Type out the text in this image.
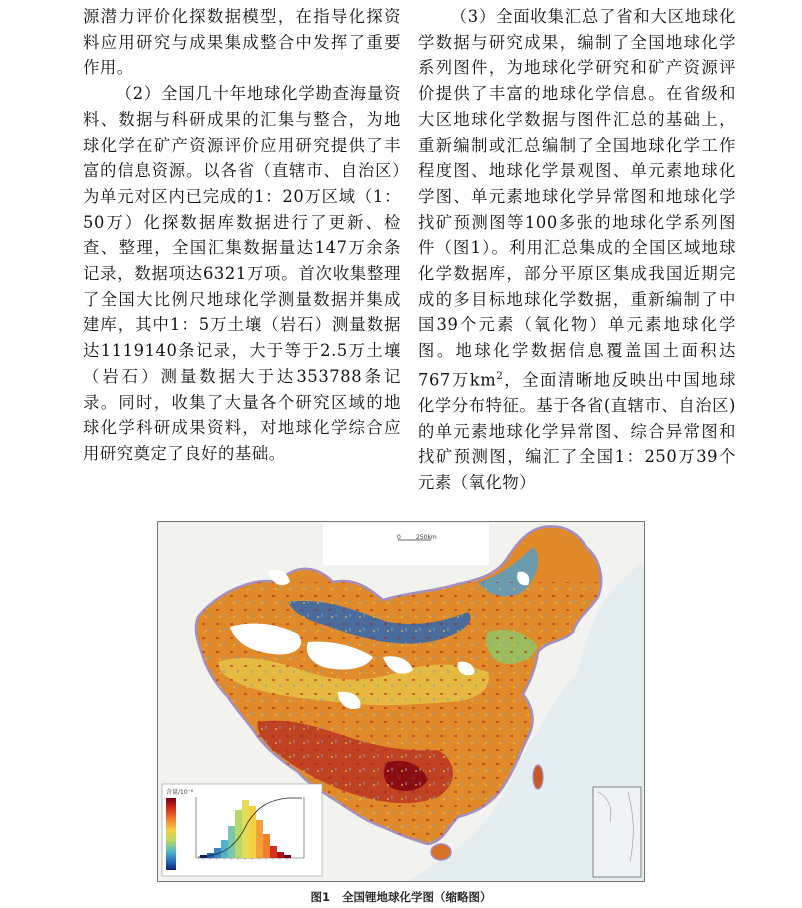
源潜力评价化探数据模型，在指导化探资料应用研究与成果集成整合中发挥了重要作用。

（2）全国几十年地球化学勘查海量资料、数据与科研成果的汇集与整合，为地球化学在矿产资源评价应用研究提供了丰富的信息资源。以各省（直辖市、自治区）为单元对区内已完成的1：20万区域（1：50万）化探数据库数据进行了更新、检查、整理，全国汇集数据量达147万余条记录，数据项达6321万项。首次收集整理了全国大比例尺地球化学测量数据并集成建库，其中1：5万土壤（岩石）测量数据达1119140条记录，大于等于2.5万土壤（岩石）测量数据大于达353788条记录。同时，收集了大量各个研究区域的地球化学科研成果资料，对地球化学综合应用研究奠定了良好的基础。

（3）全面收集汇总了省和大区地球化学数据与研究成果，编制了全国地球化学系列图件，为地球化学研究和矿产资源评价提供了丰富的地球化学信息。在省级和大区地球化学数据与图件汇总的基础上，重新编制或汇总编制了全国地球化学工作程度图、地球化学景观图、单元素地球化学图、单元素地球化学异常图和地球化学找矿预测图等100多张的地球化学系列图件（图1）。利用汇总集成的全国区域地球化学数据库，部分平原区集成我国近期完成的多目标地球化学数据，重新编制了中国39个元素（氧化物）单元素地球化学图。地球化学数据信息覆盖国土面积达767万$km^2$，全面清晰地反映出中国地球化学分布特征。基于各省(直辖市、自治区)的单元素地球化学异常图、综合异常图和找矿预测图，编汇了全国1：250万39个元素（氧化物）

0	250km
含量/10⁻⁶
图1 全国锂地球化学图（缩略图）
